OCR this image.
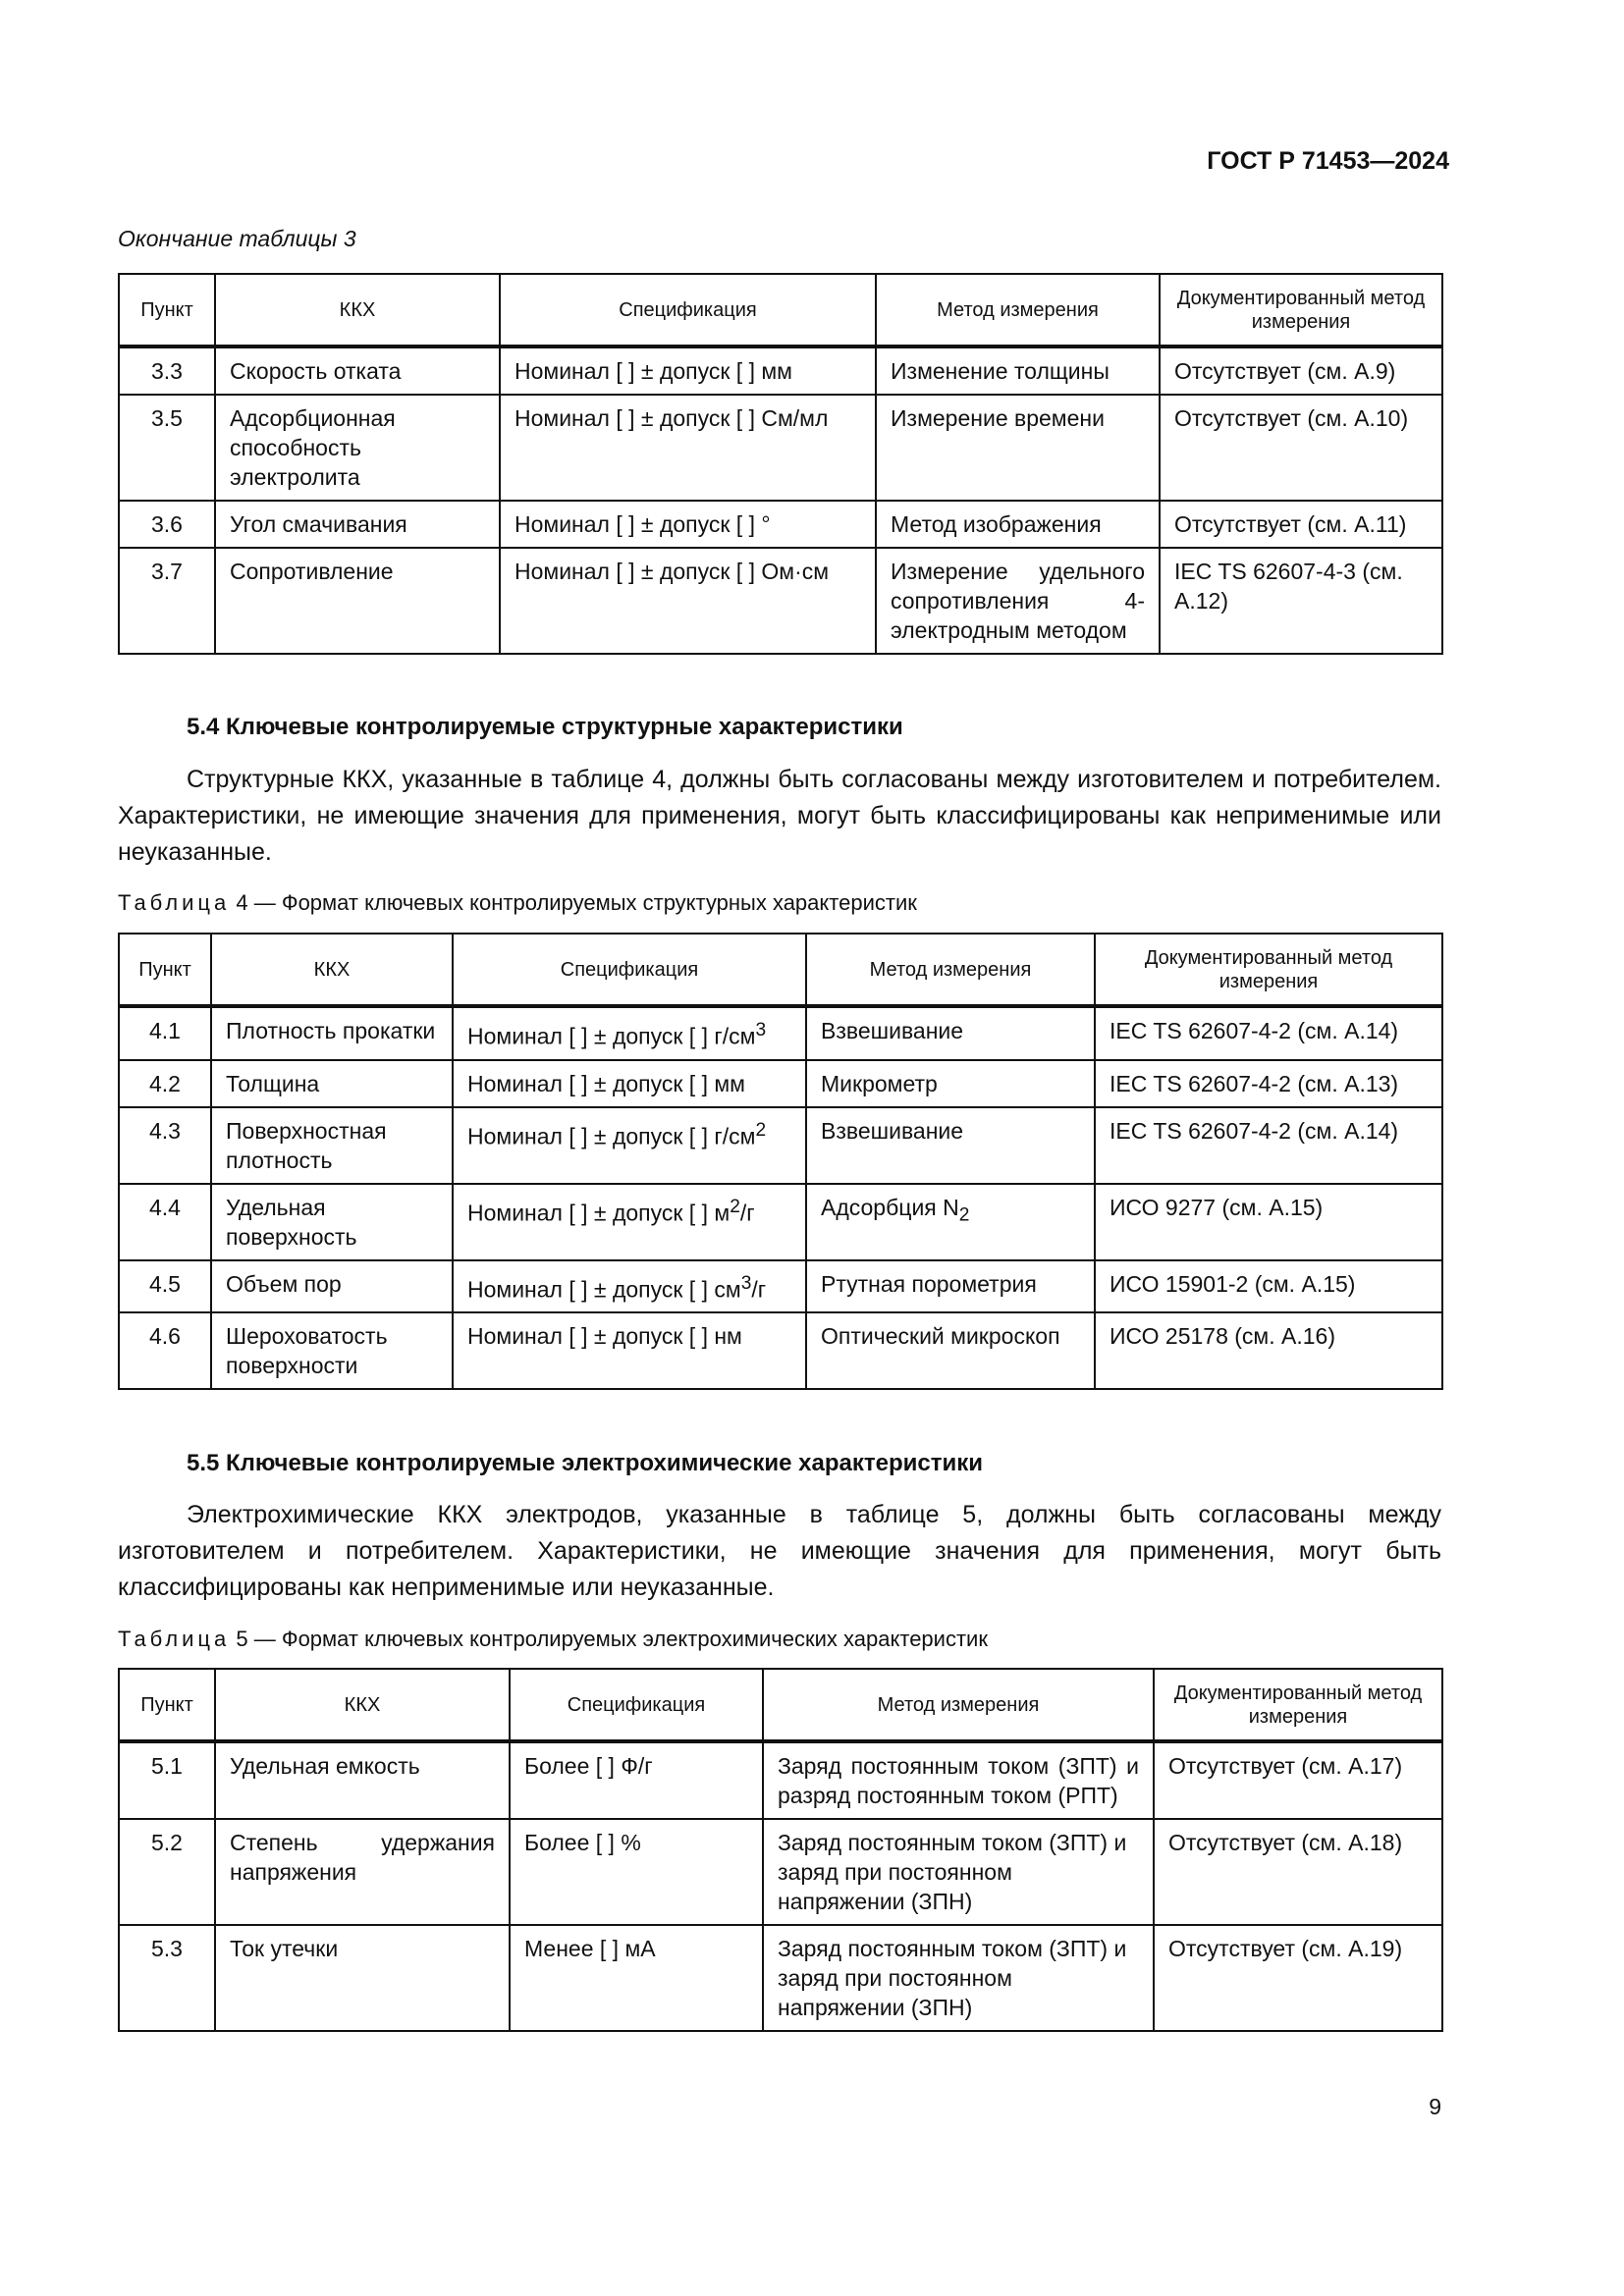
ГОСТ Р 71453—2024
Окончание таблицы 3
Пункт	ККХ	Спецификация	Метод измерения	Документированный метод измерения
3.3	Скорость отката	Номинал [ ] ± допуск [ ] мм	Изменение толщины	Отсутствует (см. А.9)
3.5	Адсорбционная способность электролита	Номинал [ ] ± допуск [ ] См/мл	Измерение времени	Отсутствует (см. А.10)
3.6	Угол смачивания	Номинал [ ] ± допуск [ ] °	Метод изображения	Отсутствует (см. А.11)
3.7	Сопротивление	Номинал [ ] ± допуск [ ] Ом·см	Измерение удельного сопротивления 4-электродным методом	IEC TS 62607-4-3 (см. А.12)
5.4 Ключевые контролируемые структурные характеристики

Структурные ККХ, указанные в таблице 4, должны быть согласованы между изготовителем и потребителем. Характеристики, не имеющие значения для применения, могут быть классифицированы как неприменимые или неуказанные.

Таблица 4 — Формат ключевых контролируемых структурных характеристик
Пункт	ККХ	Спецификация	Метод измерения	Документированный метод измерения
4.1	Плотность прокатки	Номинал [ ] ± допуск [ ] $г/см^3$	Взвешивание	IEC TS 62607-4-2 (см. А.14)
4.2	Толщина	Номинал [ ] ± допуск [ ] мм	Микрометр	IEC TS 62607-4-2 (см. А.13)
4.3	Поверхностная плотность	Номинал [ ] ± допуск [ ] $г/см^2$	Взвешивание	IEC TS 62607-4-2 (см. А.14)
4.4	Удельная поверхность	Номинал [ ] ± допуск [ ] $м^2/г$	Адсорбция $N_2$	ИСО 9277 (см. А.15)
4.5	Объем пор	Номинал [ ] ± допуск [ ] $см^3/г$	Ртутная порометрия	ИСО 15901-2 (см. А.15)
4.6	Шероховатость поверхности	Номинал [ ] ± допуск [ ] нм	Оптический микроскоп	ИСО 25178 (см. А.16)
5.5 Ключевые контролируемые электрохимические характеристики

Электрохимические ККХ электродов, указанные в таблице 5, должны быть согласованы между изготовителем и потребителем. Характеристики, не имеющие значения для применения, могут быть классифицированы как неприменимые или неуказанные.

Таблица 5 — Формат ключевых контролируемых электрохимических характеристик
Пункт	ККХ	Спецификация	Метод измерения	Документированный метод измерения
5.1	Удельная емкость	Более [ ] Ф/г	Заряд постоянным током (ЗПТ) и разряд постоянным током (РПТ)	Отсутствует (см. А.17)
5.2	Степень удержания напряжения	Более [ ] %	Заряд постоянным током (ЗПТ) и заряд при постоянном напряжении (ЗПН)	Отсутствует (см. А.18)
5.3	Ток утечки	Менее [ ] мА	Заряд постоянным током (ЗПТ) и заряд при постоянном напряжении (ЗПН)	Отсутствует (см. А.19)
9
